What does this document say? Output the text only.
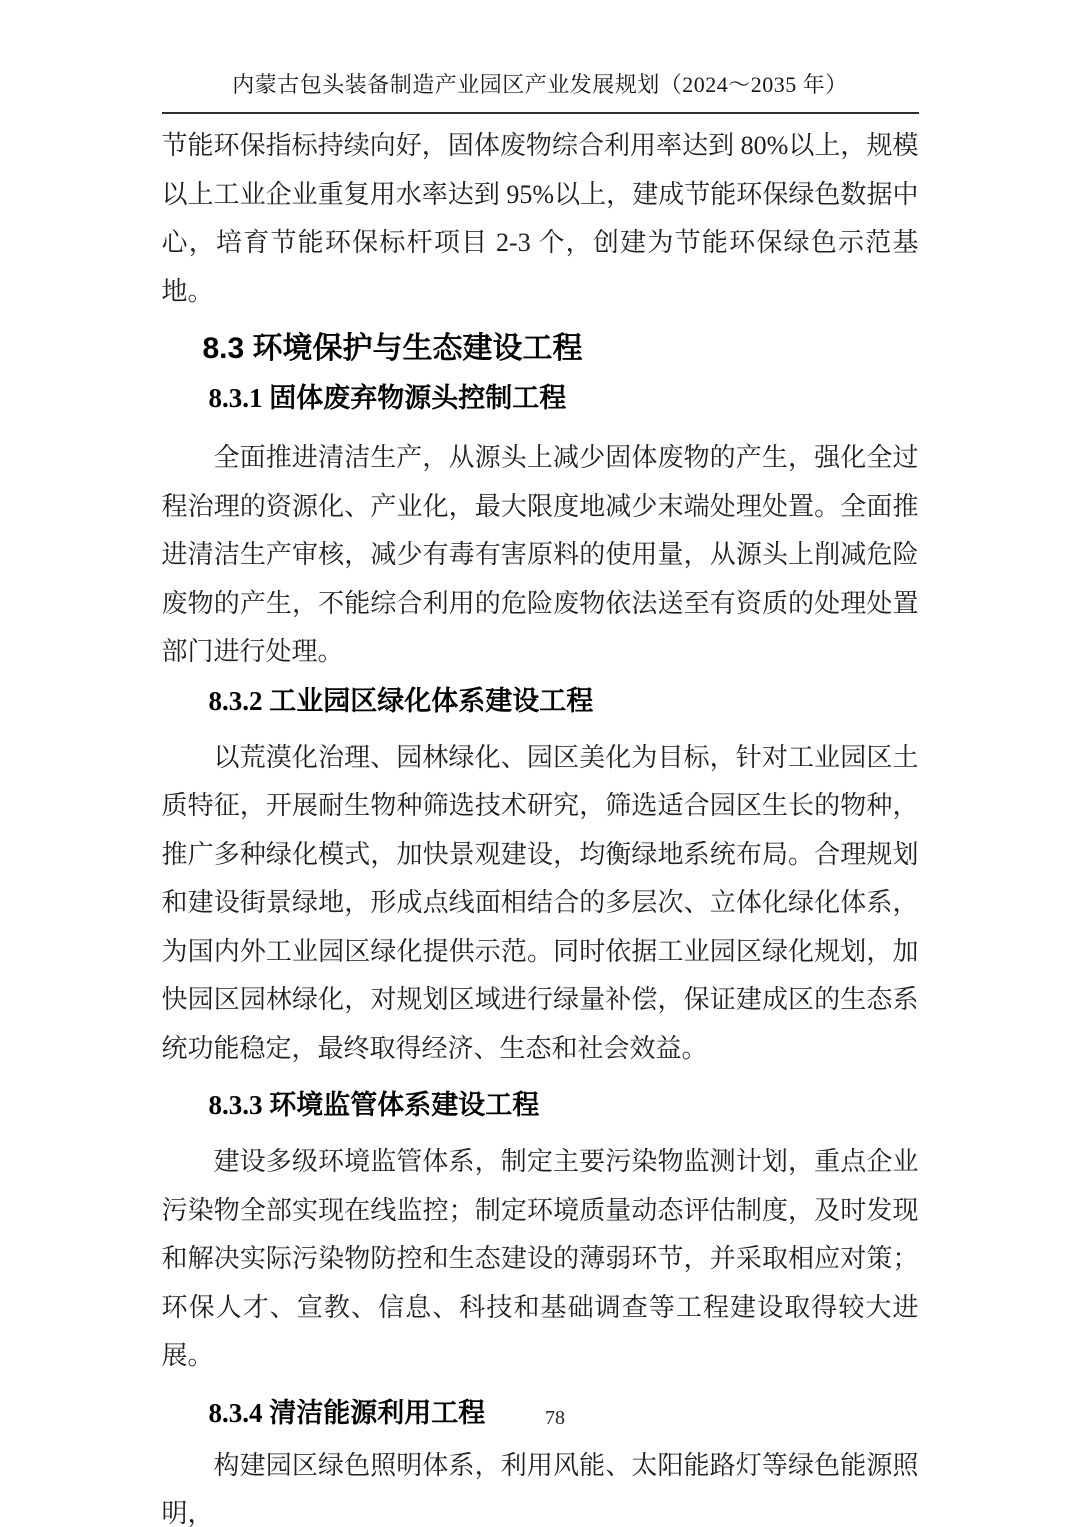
内蒙古包头装备制造产业园区产业发展规划（2024～2035 年）

节能环保指标持续向好，固体废物综合利用率达到 80%以上，规模以上工业企业重复用水率达到 95%以上，建成节能环保绿色数据中心，培育节能环保标杆项目 2-3 个，创建为节能环保绿色示范基地。

8.3 环境保护与生态建设工程
8.3.1 固体废弃物源头控制工程

全面推进清洁生产，从源头上减少固体废物的产生，强化全过程治理的资源化、产业化，最大限度地减少末端处理处置。全面推进清洁生产审核，减少有毒有害原料的使用量，从源头上削减危险废物的产生，不能综合利用的危险废物依法送至有资质的处理处置部门进行处理。

8.3.2 工业园区绿化体系建设工程

以荒漠化治理、园林绿化、园区美化为目标，针对工业园区土质特征，开展耐生物种筛选技术研究，筛选适合园区生长的物种，推广多种绿化模式，加快景观建设，均衡绿地系统布局。合理规划和建设街景绿地，形成点线面相结合的多层次、立体化绿化体系，为国内外工业园区绿化提供示范。同时依据工业园区绿化规划，加快园区园林绿化，对规划区域进行绿量补偿，保证建成区的生态系统功能稳定，最终取得经济、生态和社会效益。

8.3.3 环境监管体系建设工程

建设多级环境监管体系，制定主要污染物监测计划，重点企业污染物全部实现在线监控；制定环境质量动态评估制度，及时发现和解决实际污染物防控和生态建设的薄弱环节，并采取相应对策；环保人才、宣教、信息、科技和基础调查等工程建设取得较大进展。

8.3.4 清洁能源利用工程

构建园区绿色照明体系，利用风能、太阳能路灯等绿色能源照明，

78
